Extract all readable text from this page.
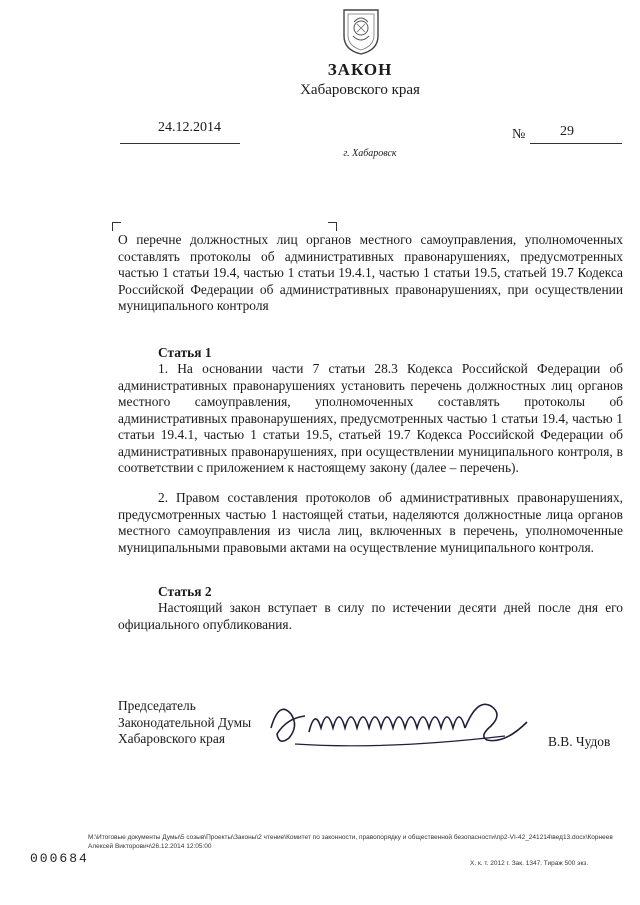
ЗАКОН
Хабаровского края
24.12.2014	№ 29
г. Хабаровск
О перечне должностных лиц органов местного самоуправления, уполномоченных составлять протоколы об административных правонарушениях, предусмотренных частью 1 статьи 19.4, частью 1 статьи 19.4.1, частью 1 статьи 19.5, статьей 19.7 Кодекса Российской Федерации об административных правонарушениях, при осуществлении муниципального контроля
Статья 1
1. На основании части 7 статьи 28.3 Кодекса Российской Федерации об административных правонарушениях установить перечень должностных лиц органов местного самоуправления, уполномоченных составлять протоколы об административных правонарушениях, предусмотренных частью 1 статьи 19.4, частью 1 статьи 19.4.1, частью 1 статьи 19.5, статьей 19.7 Кодекса Российской Федерации об административных правонарушениях, при осуществлении муниципального контроля, в соответствии с приложением к настоящему закону (далее – перечень).
2. Правом составления протоколов об административных правонарушениях, предусмотренных частью 1 настоящей статьи, наделяются должностные лица органов местного самоуправления из числа лиц, включенных в перечень, уполномоченные муниципальными правовыми актами на осуществление муниципального контроля.
Статья 2
Настоящий закон вступает в силу по истечении десяти дней после дня его официального опубликования.
Председатель
Законодательной Думы
Хабаровского края	В.В. Чудов
М:\Итоговые документы Думы\5 созыв\Проекты\Законы\2 чтение\Комитет по законности, правопорядку и общественной безопасности\пр2-VI-42_241214\вед13.docx\Корнеев Алексей Викторович\26.12.2014 12:05:00
Х. к. т. 2012 г. Зак. 1347. Тираж 500 экз.
000684
